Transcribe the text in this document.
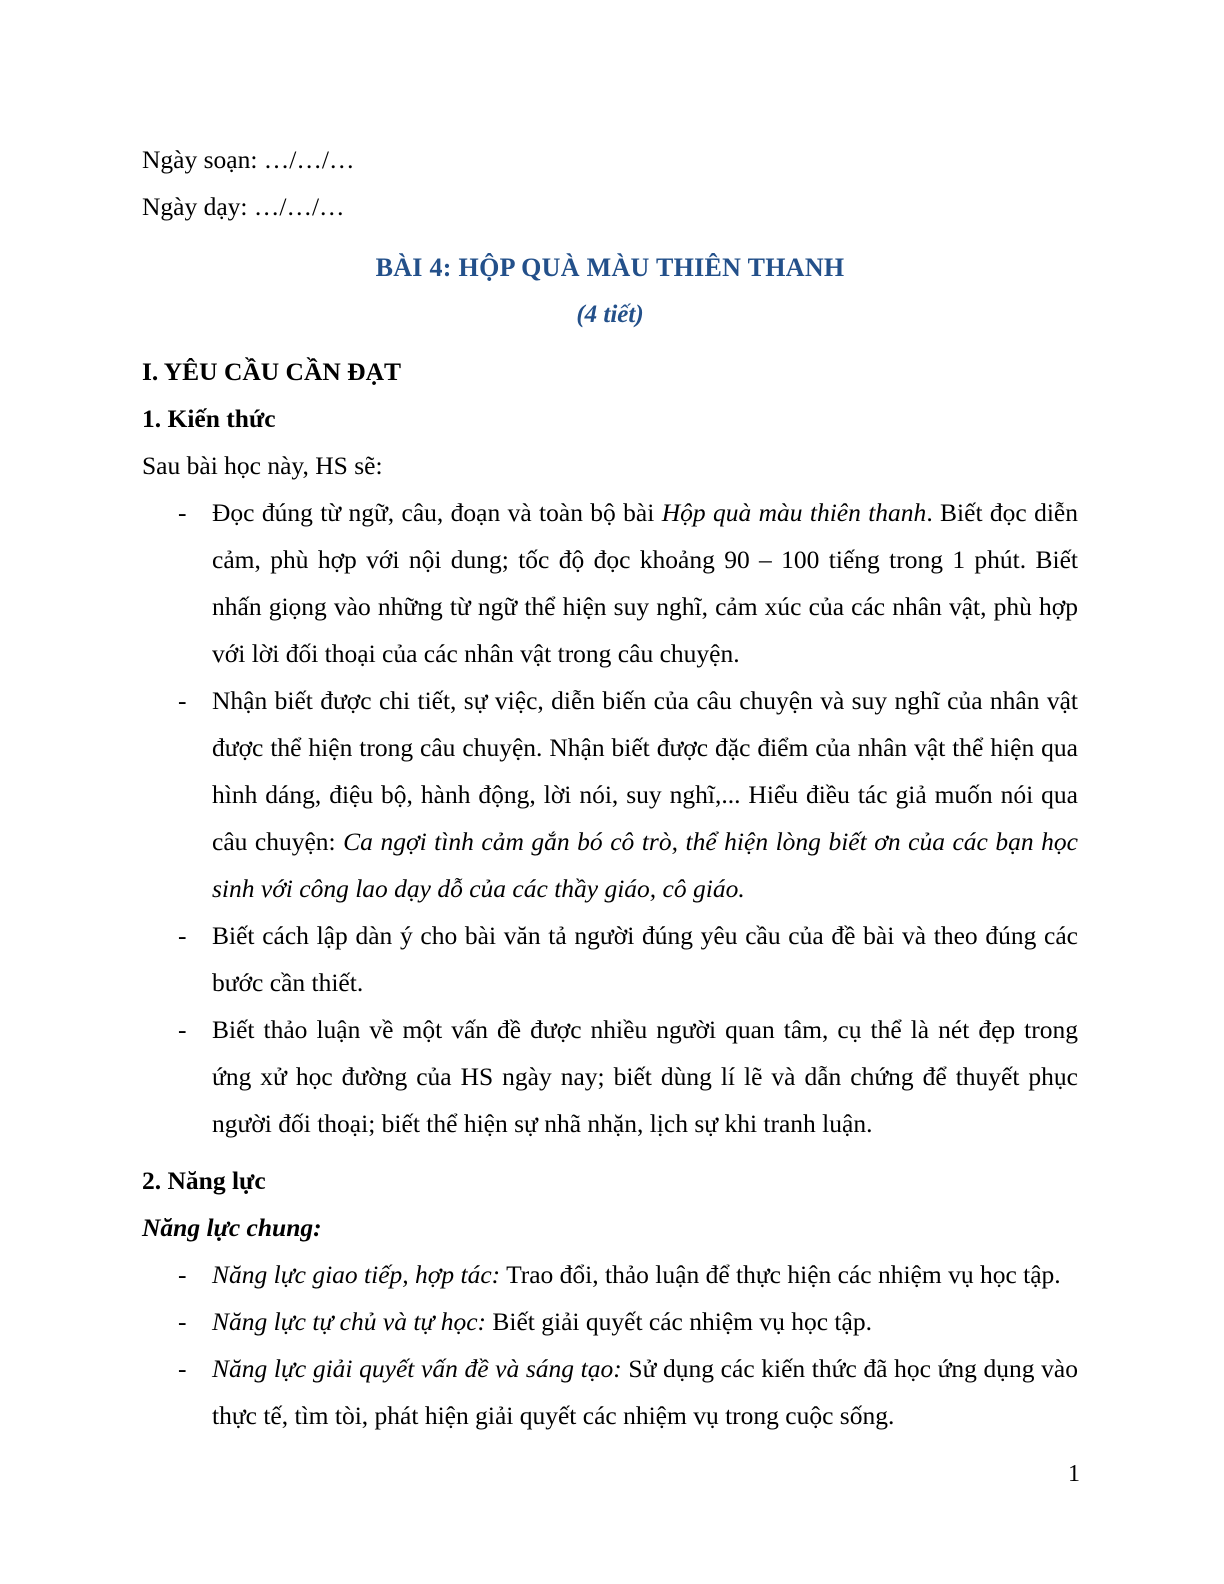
Ngày soạn: …/…/…
Ngày dạy: …/…/…
BÀI 4: HỘP QUÀ MÀU THIÊN THANH
(4 tiết)
I. YÊU CẦU CẦN ĐẠT
1. Kiến thức
Sau bài học này, HS sẽ:
- Đọc đúng từ ngữ, câu, đoạn và toàn bộ bài Hộp quà màu thiên thanh. Biết đọc diễn cảm, phù hợp với nội dung; tốc độ đọc khoảng 90 – 100 tiếng trong 1 phút. Biết nhấn giọng vào những từ ngữ thể hiện suy nghĩ, cảm xúc của các nhân vật, phù hợp với lời đối thoại của các nhân vật trong câu chuyện.
- Nhận biết được chi tiết, sự việc, diễn biến của câu chuyện và suy nghĩ của nhân vật được thể hiện trong câu chuyện. Nhận biết được đặc điểm của nhân vật thể hiện qua hình dáng, điệu bộ, hành động, lời nói, suy nghĩ,... Hiểu điều tác giả muốn nói qua câu chuyện: Ca ngợi tình cảm gắn bó cô trò, thể hiện lòng biết ơn của các bạn học sinh với công lao dạy dỗ của các thầy giáo, cô giáo.
- Biết cách lập dàn ý cho bài văn tả người đúng yêu cầu của đề bài và theo đúng các bước cần thiết.
- Biết thảo luận về một vấn đề được nhiều người quan tâm, cụ thể là nét đẹp trong ứng xử học đường của HS ngày nay; biết dùng lí lẽ và dẫn chứng để thuyết phục người đối thoại; biết thể hiện sự nhã nhặn, lịch sự khi tranh luận.
2. Năng lực
Năng lực chung:
- Năng lực giao tiếp, hợp tác: Trao đổi, thảo luận để thực hiện các nhiệm vụ học tập.
- Năng lực tự chủ và tự học: Biết giải quyết các nhiệm vụ học tập.
- Năng lực giải quyết vấn đề và sáng tạo: Sử dụng các kiến thức đã học ứng dụng vào thực tế, tìm tòi, phát hiện giải quyết các nhiệm vụ trong cuộc sống.
1
